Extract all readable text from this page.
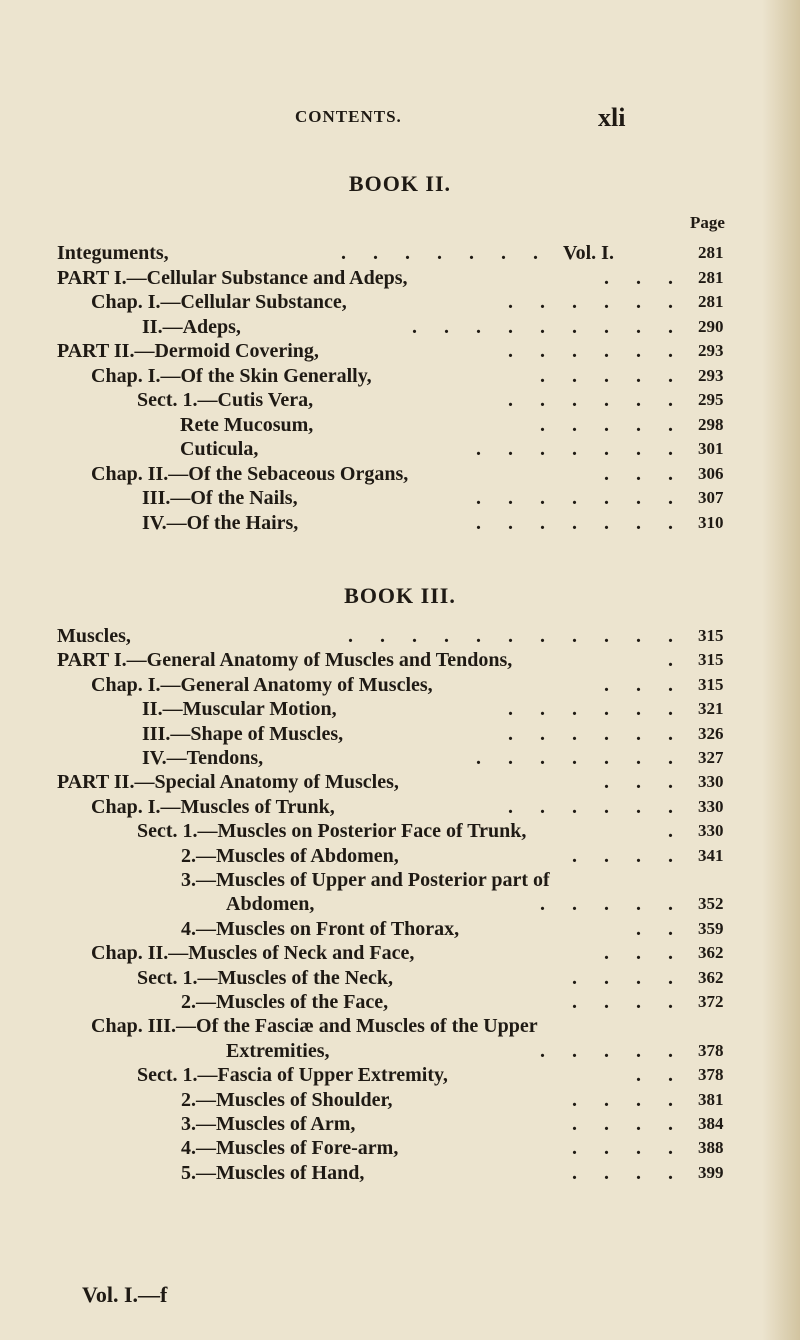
CONTENTS.	xli
BOOK II.
Page
Integuments,	. . . . . . . Vol. I.	281
PART I.—Cellular Substance and Adeps,	. . . 281
Chap. I.—Cellular Substance,	. . . . . . 281
II.—Adeps,	. . . . . . . . . 290
PART II.—Dermoid Covering,	. . . . . . 293
Chap. I.—Of the Skin Generally,	. . . . . 293
Sect. 1.—Cutis Vera,	. . . . . . 295
Rete Mucosum,	. . . . . 298
Cuticula,	. . . . . . . 301
Chap. II.—Of the Sebaceous Organs,	. . . 306
III.—Of the Nails,	. . . . . . . 307
IV.—Of the Hairs,	. . . . . . . 310
BOOK III.
Muscles,	. . . . . . . . . . . 315
PART I.—General Anatomy of Muscles and Tendons,	. 315
Chap. I.—General Anatomy of Muscles,	. . . 315
II.—Muscular Motion,	. . . . . . 321
III.—Shape of Muscles,	. . . . . . 326
IV.—Tendons,	. . . . . . . 327
PART II.—Special Anatomy of Muscles,	. . . 330
Chap. I.—Muscles of Trunk,	. . . . . . 330
Sect. 1.—Muscles on Posterior Face of Trunk,	. 330
2.—Muscles of Abdomen,	. . . . 341
3.—Muscles of Upper and Posterior part of
Abdomen,	. . . . . 352
4.—Muscles on Front of Thorax,	. . 359
Chap. II.—Muscles of Neck and Face,	. . . 362
Sect. 1.—Muscles of the Neck,	. . . . 362
2.—Muscles of the Face,	. . . . 372
Chap. III.—Of the Fasciæ and Muscles of the Upper
Extremities,	. . . . . 378
Sect. 1.—Fascia of Upper Extremity,	. . 378
2.—Muscles of Shoulder,	. . . . 381
3.—Muscles of Arm,	. . . . 384
4.—Muscles of Fore-arm,	. . . . 388
5.—Muscles of Hand,	. . . . 399
Vol. I.—f
